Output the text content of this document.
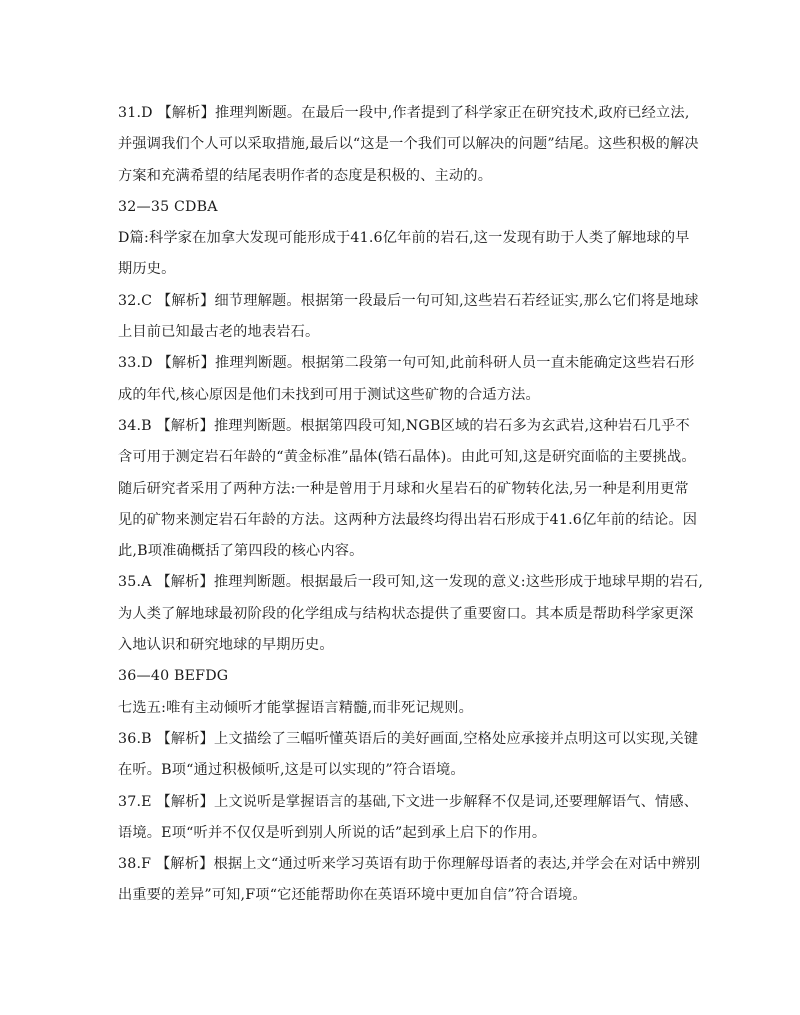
31.D 【解析】推理判断题。在最后一段中,作者提到了科学家正在研究技术,政府已经立法,
并强调我们个人可以采取措施,最后以“这是一个我们可以解决的问题”结尾。这些积极的解决
方案和充满希望的结尾表明作者的态度是积极的、主动的。
32—35 CDBA
D篇:科学家在加拿大发现可能形成于41.6亿年前的岩石,这一发现有助于人类了解地球的早
期历史。
32.C 【解析】细节理解题。根据第一段最后一句可知,这些岩石若经证实,那么它们将是地球
上目前已知最古老的地表岩石。
33.D 【解析】推理判断题。根据第二段第一句可知,此前科研人员一直未能确定这些岩石形
成的年代,核心原因是他们未找到可用于测试这些矿物的合适方法。
34.B 【解析】推理判断题。根据第四段可知,NGB区域的岩石多为玄武岩,这种岩石几乎不
含可用于测定岩石年龄的“黄金标准”晶体(锆石晶体)。由此可知,这是研究面临的主要挑战。
随后研究者采用了两种方法:一种是曾用于月球和火星岩石的矿物转化法,另一种是利用更常
见的矿物来测定岩石年龄的方法。这两种方法最终均得出岩石形成于41.6亿年前的结论。因
此,B项准确概括了第四段的核心内容。
35.A 【解析】推理判断题。根据最后一段可知,这一发现的意义:这些形成于地球早期的岩石,
为人类了解地球最初阶段的化学组成与结构状态提供了重要窗口。其本质是帮助科学家更深
入地认识和研究地球的早期历史。
36—40 BEFDG
七选五:唯有主动倾听才能掌握语言精髓,而非死记规则。
36.B 【解析】上文描绘了三幅听懂英语后的美好画面,空格处应承接并点明这可以实现,关键
在听。B项“通过积极倾听,这是可以实现的”符合语境。
37.E 【解析】上文说听是掌握语言的基础,下文进一步解释不仅是词,还要理解语气、情感、
语境。E项“听并不仅仅是听到别人所说的话”起到承上启下的作用。
38.F 【解析】根据上文“通过听来学习英语有助于你理解母语者的表达,并学会在对话中辨别
出重要的差异”可知,F项“它还能帮助你在英语环境中更加自信”符合语境。
